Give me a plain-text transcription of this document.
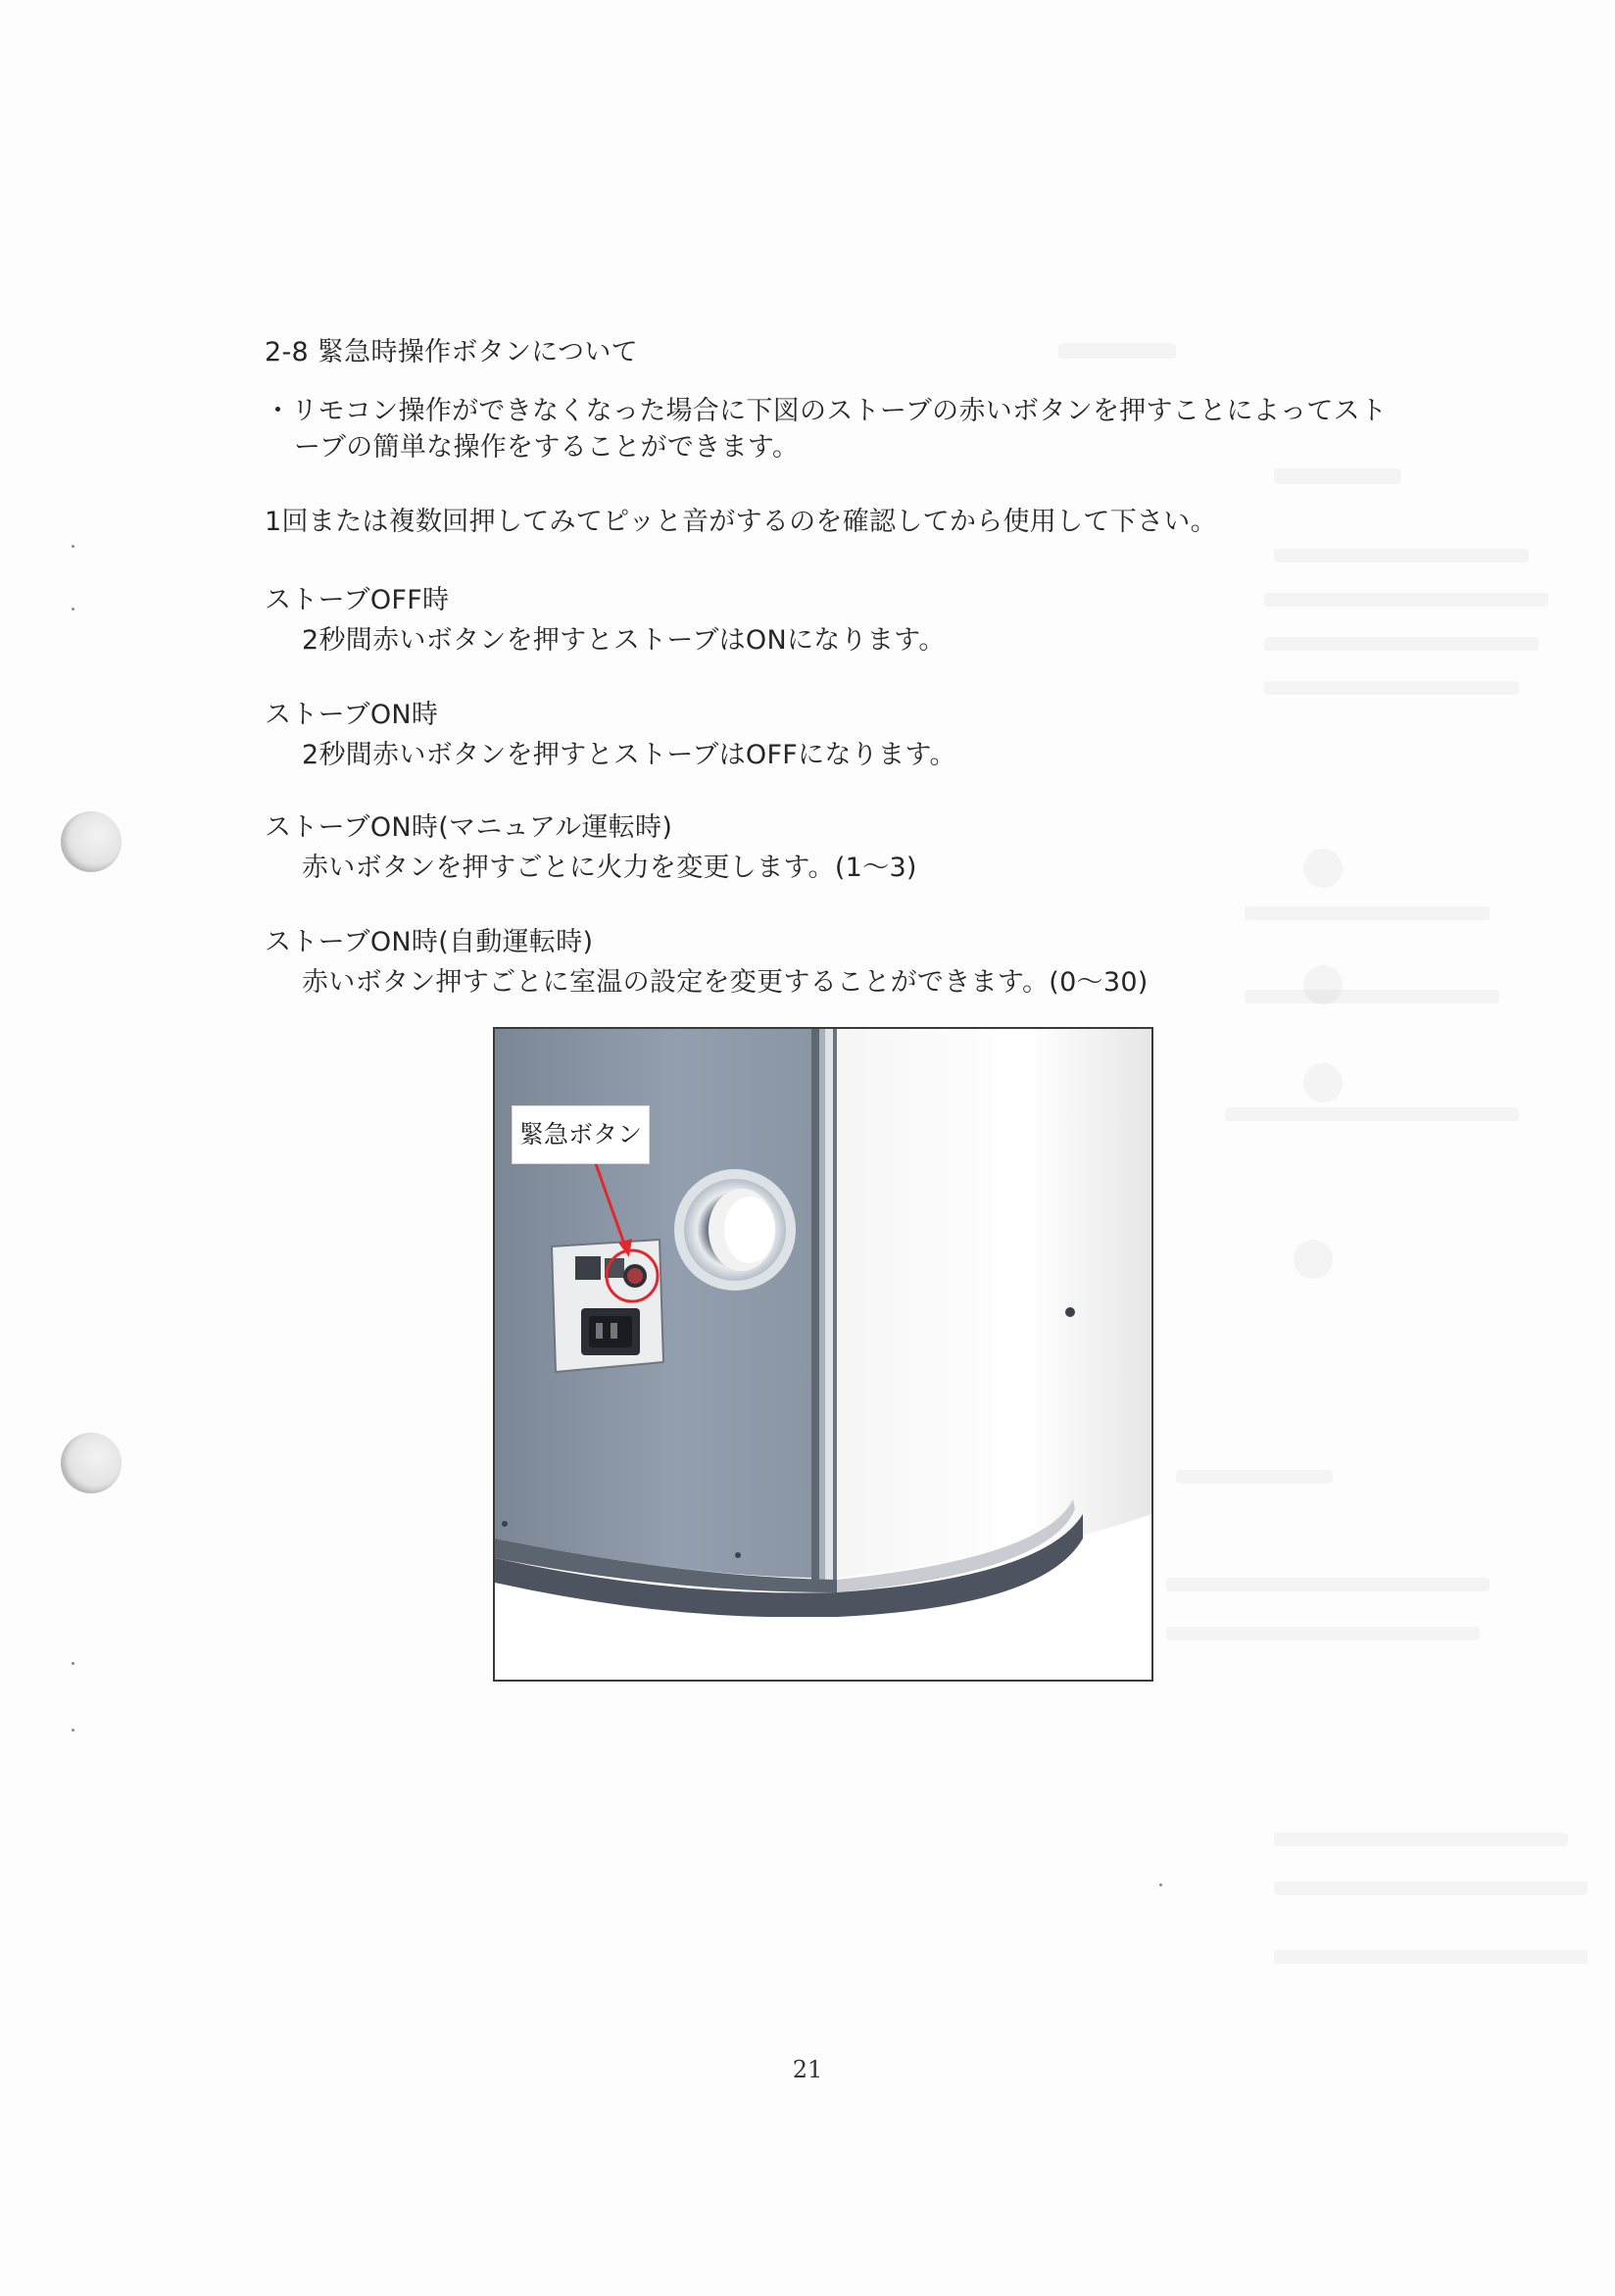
2-8 緊急時操作ボタンについて
・リモコン操作ができなくなった場合に下図のストーブの赤いボタンを押すことによってスト
ーブの簡単な操作をすることができます。
1回または複数回押してみてピッと音がするのを確認してから使用して下さい。
ストーブOFF時
2秒間赤いボタンを押すとストーブはONになります。
ストーブON時
2秒間赤いボタンを押すとストーブはOFFになります。
ストーブON時(マニュアル運転時)
赤いボタンを押すごとに火力を変更します。(1～3)
ストーブON時(自動運転時)
赤いボタン押すごとに室温の設定を変更することができます。(0～30)
緊急ボタン
21
